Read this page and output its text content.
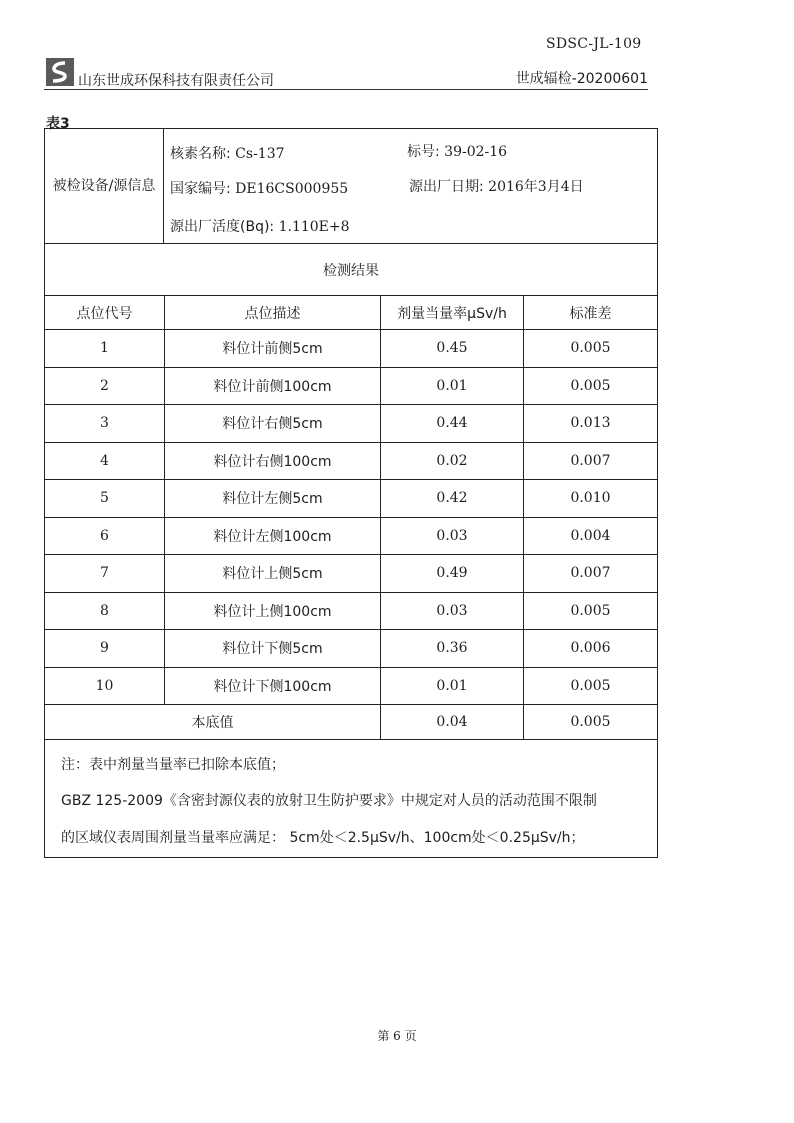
SDSC-JL-109
山东世成环保科技有限责任公司	世成辐检-20200601
表3
被检设备/源信息
核素名称: Cs-137	标号: 39-02-16
国家编号: DE16CS000955	源出厂日期: 2016年3月4日
源出厂活度(Bq): 1.110E+8
检测结果
点位代号	点位描述	剂量当量率μSv/h	标准差
1	料位计前侧5cm	0.45	0.005
2	料位计前侧100cm	0.01	0.005
3	料位计右侧5cm	0.44	0.013
4	料位计右侧100cm	0.02	0.007
5	料位计左侧5cm	0.42	0.010
6	料位计左侧100cm	0.03	0.004
7	料位计上侧5cm	0.49	0.007
8	料位计上侧100cm	0.03	0.005
9	料位计下侧5cm	0.36	0.006
10	料位计下侧100cm	0.01	0.005
本底值	0.04	0.005
注：表中剂量当量率已扣除本底值；
GBZ 125-2009《含密封源仪表的放射卫生防护要求》中规定对人员的活动范围不限制
的区域仪表周围剂量当量率应满足： 5cm处＜2.5μSv/h、100cm处＜0.25μSv/h；
第 6 页
